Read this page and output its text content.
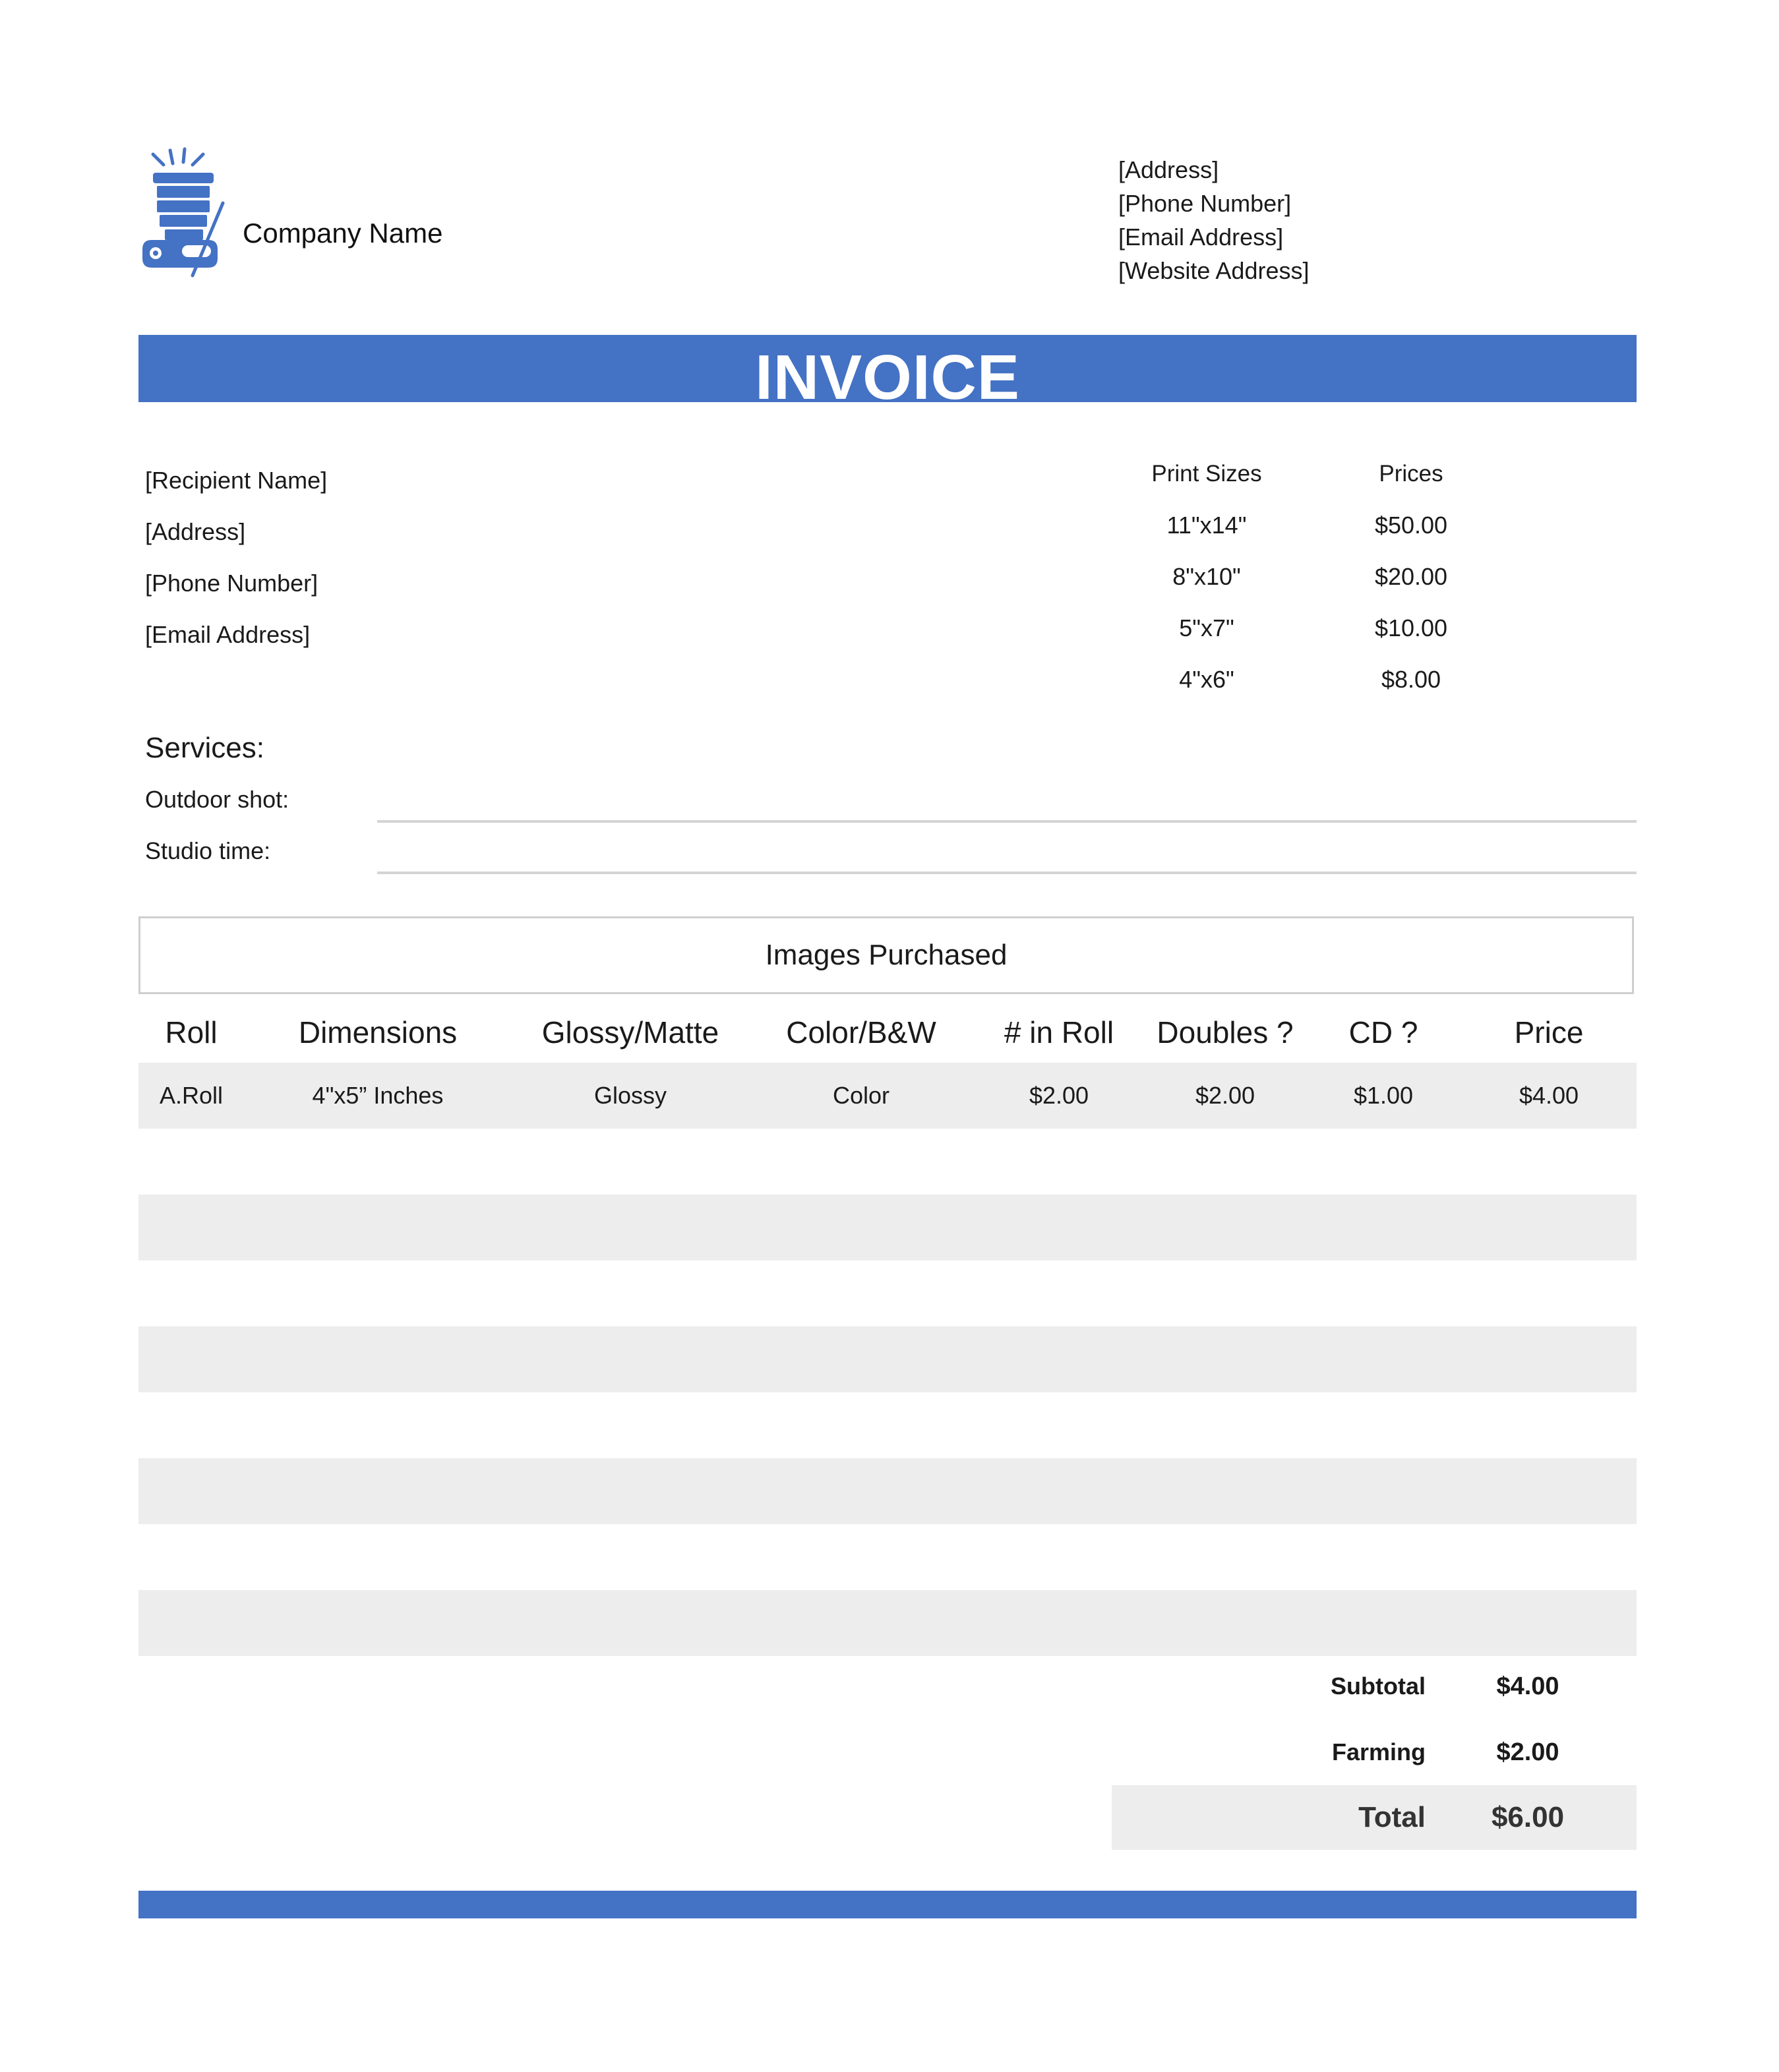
Company Name
[Address]
[Phone Number]
[Email Address]
[Website Address]
INVOICE
[Recipient Name]
[Address]
[Phone Number]
[Email Address]
Print Sizes	Prices
11"x14"	$50.00
8"x10"	$20.00
5"x7"	$10.00
4"x6"	$8.00
Services:
Outdoor shot:
Studio time:
Images Purchased
Roll	Dimensions	Glossy/Matte	Color/B&W	# in Roll	Doubles ?	CD ?	Price
A.Roll	4"x5” Inches	Glossy	Color	$2.00	$2.00	$1.00	$4.00
Subtotal	$4.00
Farming	$2.00
Total	$6.00
